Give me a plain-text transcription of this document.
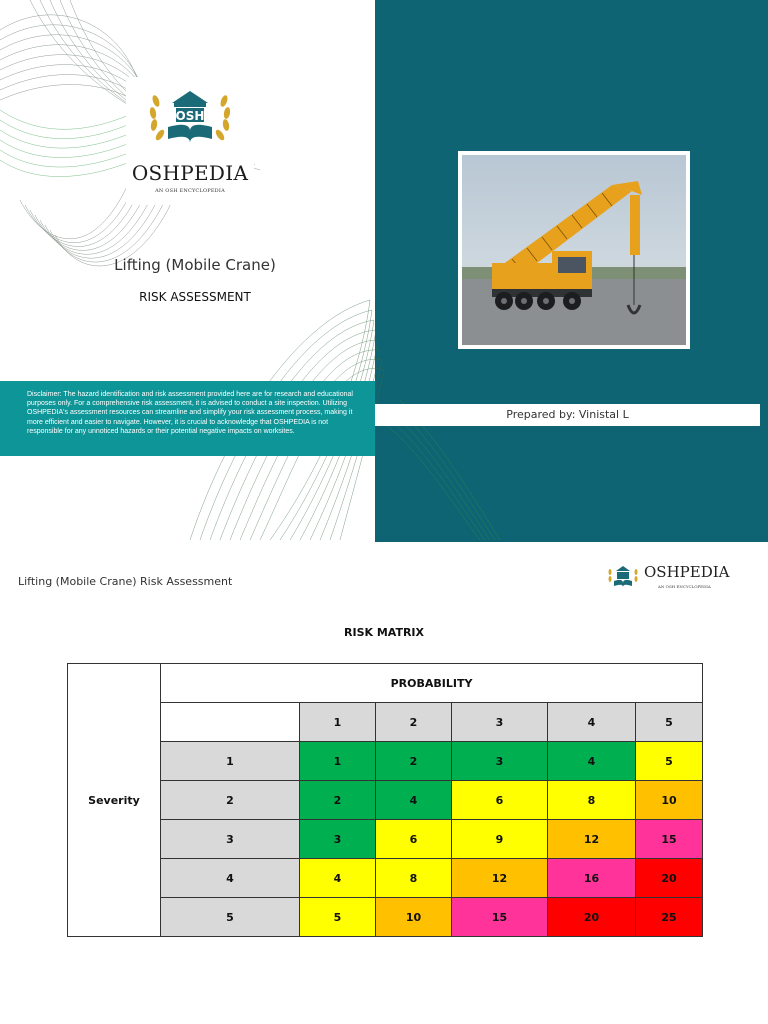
OSH
OSHPEDIA
AN OSH ENCYCLOPEDIA
Lifting (Mobile Crane)
RISK ASSESSMENT
Disclaimer: The hazard identification and risk assessment provided here are for research and educational purposes only. For a comprehensive risk assessment, it is advised to conduct a site inspection. Utilizing OSHPEDIA's assessment resources can streamline and simplify your risk assessment process, making it more efficient and easier to navigate. However, it is crucial to acknowledge that OSHPEDIA is not responsible for any unnoticed hazards or their potential negative impacts on worksites.
Prepared by: Vinistal L
Lifting (Mobile Crane) Risk Assessment
OSHPEDIA
AN OSH ENCYCLOPEDIA
RISK MATRIX
Severity	PROBABILITY					
		1	2	3	4	5
	1	1	2	3	4	5
	2	2	4	6	8	10
	3	3	6	9	12	15
	4	4	8	12	16	20
	5	5	10	15	20	25
